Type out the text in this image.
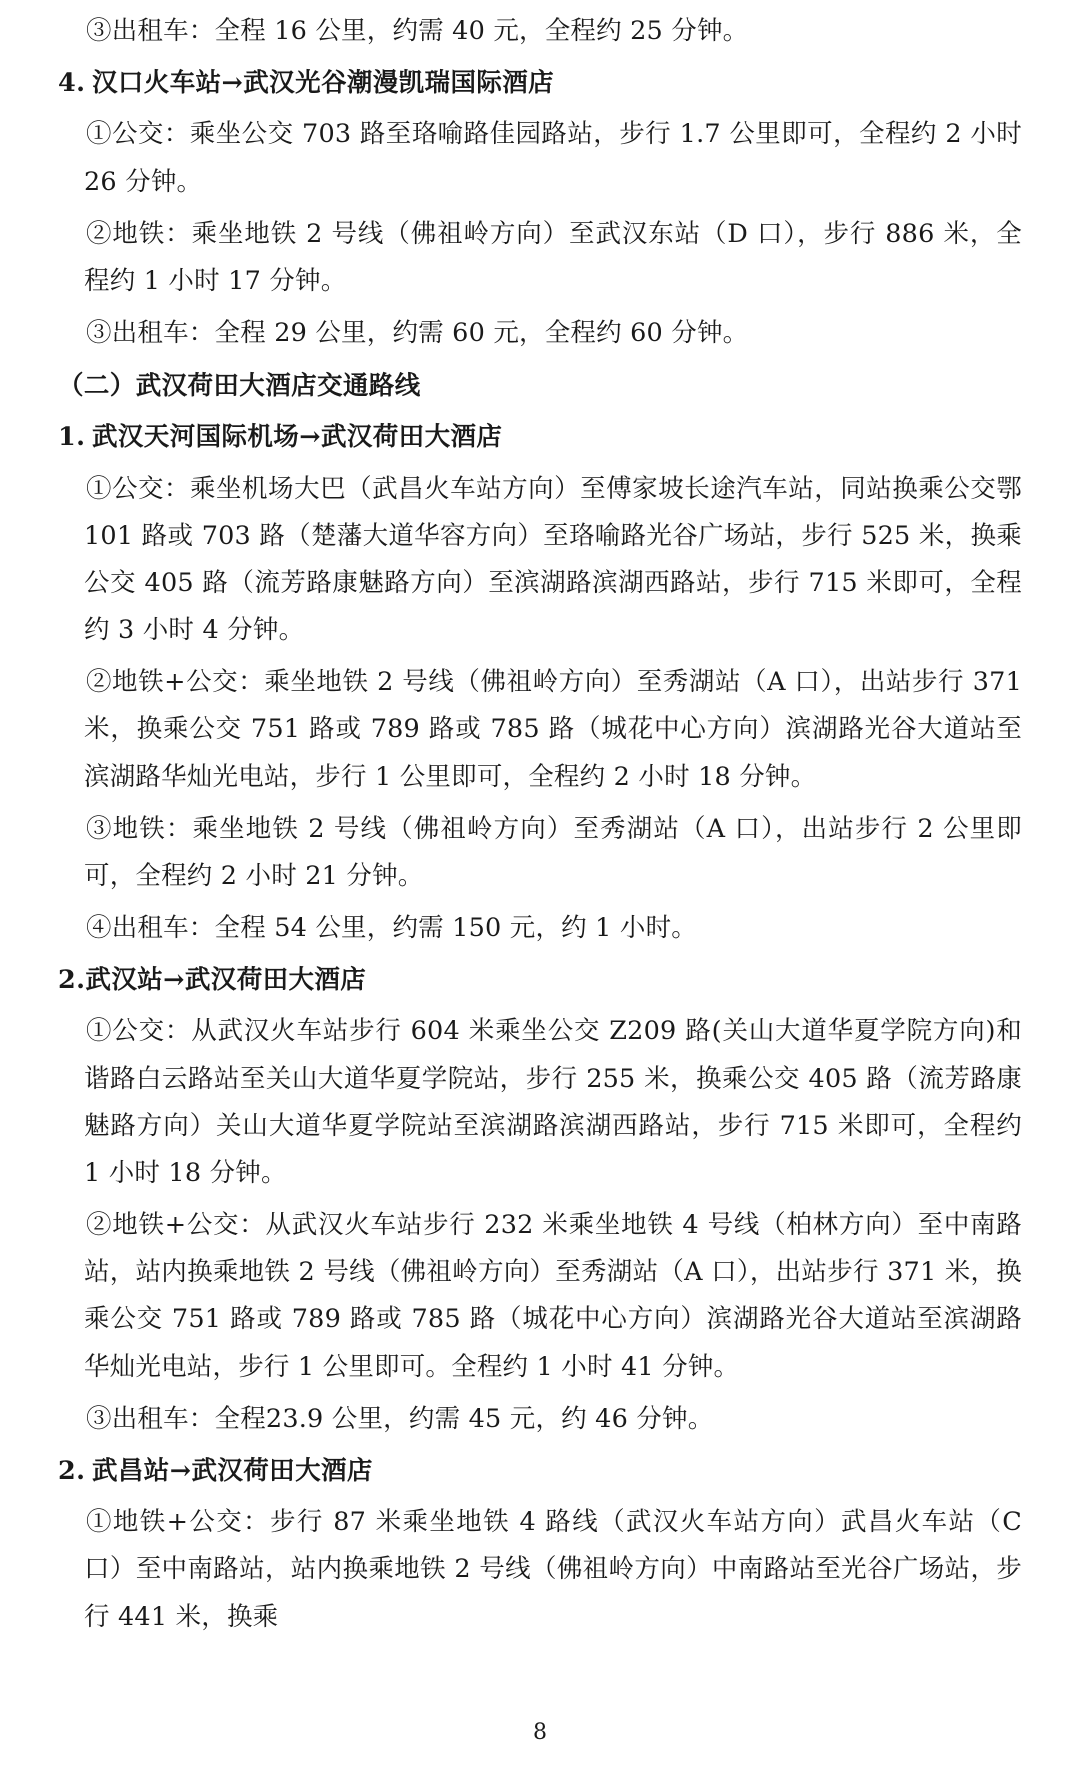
③出租车：全程 16 公里，约需 40 元，全程约 25 分钟。

4. 汉口火车站→武汉光谷潮漫凯瑞国际酒店

①公交：乘坐公交 703 路至珞喻路佳园路站，步行 1.7 公里即可，全程约 2 小时 26 分钟。

②地铁：乘坐地铁 2 号线（佛祖岭方向）至武汉东站（D 口），步行 886 米，全程约 1 小时 17 分钟。

③出租车：全程 29 公里，约需 60 元，全程约 60 分钟。

（二）武汉荷田大酒店交通路线

1. 武汉天河国际机场→武汉荷田大酒店

①公交：乘坐机场大巴（武昌火车站方向）至傅家坡长途汽车站，同站换乘公交鄂 101 路或 703 路（楚藩大道华容方向）至珞喻路光谷广场站，步行 525 米，换乘公交 405 路（流芳路康魅路方向）至滨湖路滨湖西路站，步行 715 米即可，全程约 3 小时 4 分钟。

②地铁+公交：乘坐地铁 2 号线（佛祖岭方向）至秀湖站（A 口），出站步行 371 米，换乘公交 751 路或 789 路或 785 路（城花中心方向）滨湖路光谷大道站至滨湖路华灿光电站，步行 1 公里即可，全程约 2 小时 18 分钟。

③地铁：乘坐地铁 2 号线（佛祖岭方向）至秀湖站（A 口），出站步行 2 公里即可，全程约 2 小时 21 分钟。

④出租车：全程 54 公里，约需 150 元，约 1 小时。

2.武汉站→武汉荷田大酒店

①公交：从武汉火车站步行 604 米乘坐公交 Z209 路(关山大道华夏学院方向)和谐路白云路站至关山大道华夏学院站，步行 255 米，换乘公交 405 路（流芳路康魅路方向）关山大道华夏学院站至滨湖路滨湖西路站，步行 715 米即可，全程约 1 小时 18 分钟。

②地铁+公交：从武汉火车站步行 232 米乘坐地铁 4 号线（柏林方向）至中南路站，站内换乘地铁 2 号线（佛祖岭方向）至秀湖站（A 口），出站步行 371 米，换乘公交 751 路或 789 路或 785 路（城花中心方向）滨湖路光谷大道站至滨湖路华灿光电站，步行 1 公里即可。全程约 1 小时 41 分钟。

③出租车：全程23.9 公里，约需 45 元，约 46 分钟。

2. 武昌站→武汉荷田大酒店

①地铁+公交：步行 87 米乘坐地铁 4 路线（武汉火车站方向）武昌火车站（C 口）至中南路站，站内换乘地铁 2 号线（佛祖岭方向）中南路站至光谷广场站，步行 441 米，换乘

8
